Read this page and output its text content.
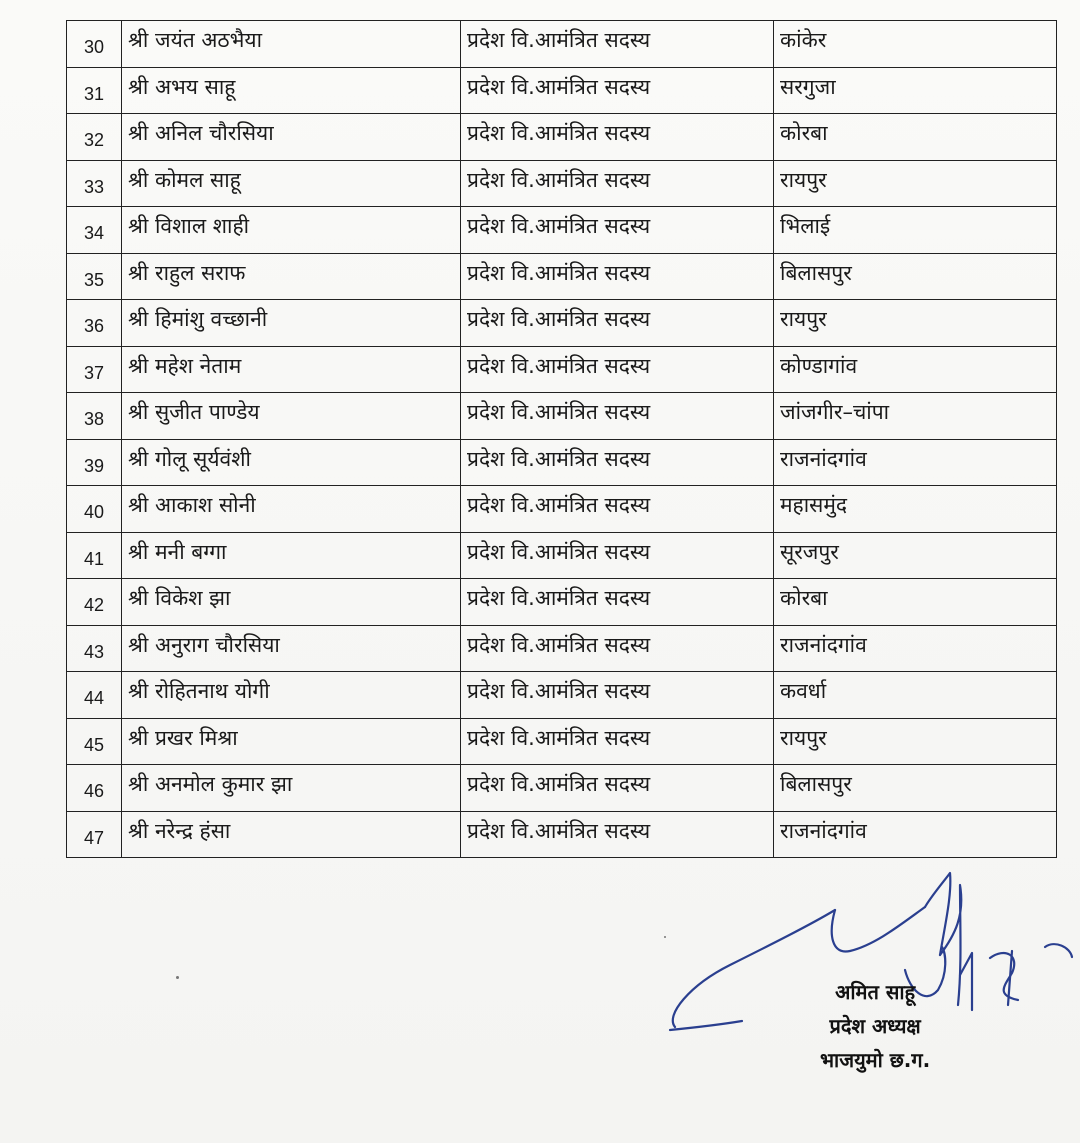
30	श्री जयंत अठभैया	प्रदेश वि.आमंत्रित सदस्य	कांकेर
31	श्री अभय साहू	प्रदेश वि.आमंत्रित सदस्य	सरगुजा
32	श्री अनिल चौरसिया	प्रदेश वि.आमंत्रित सदस्य	कोरबा
33	श्री कोमल साहू	प्रदेश वि.आमंत्रित सदस्य	रायपुर
34	श्री विशाल शाही	प्रदेश वि.आमंत्रित सदस्य	भिलाई
35	श्री राहुल सराफ	प्रदेश वि.आमंत्रित सदस्य	बिलासपुर
36	श्री हिमांशु वच्छानी	प्रदेश वि.आमंत्रित सदस्य	रायपुर
37	श्री महेश नेताम	प्रदेश वि.आमंत्रित सदस्य	कोण्डागांव
38	श्री सुजीत पाण्डेय	प्रदेश वि.आमंत्रित सदस्य	जांजगीर–चांपा
39	श्री गोलू सूर्यवंशी	प्रदेश वि.आमंत्रित सदस्य	राजनांदगांव
40	श्री आकाश सोनी	प्रदेश वि.आमंत्रित सदस्य	महासमुंद
41	श्री मनी बग्गा	प्रदेश वि.आमंत्रित सदस्य	सूरजपुर
42	श्री विकेश झा	प्रदेश वि.आमंत्रित सदस्य	कोरबा
43	श्री अनुराग चौरसिया	प्रदेश वि.आमंत्रित सदस्य	राजनांदगांव
44	श्री रोहितनाथ योगी	प्रदेश वि.आमंत्रित सदस्य	कवर्धा
45	श्री प्रखर मिश्रा	प्रदेश वि.आमंत्रित सदस्य	रायपुर
46	श्री अनमोल कुमार झा	प्रदेश वि.आमंत्रित सदस्य	बिलासपुर
47	श्री नरेन्द्र हंसा	प्रदेश वि.आमंत्रित सदस्य	राजनांदगांव
अमित साहू
प्रदेश अध्यक्ष
भाजयुमो छ.ग.
